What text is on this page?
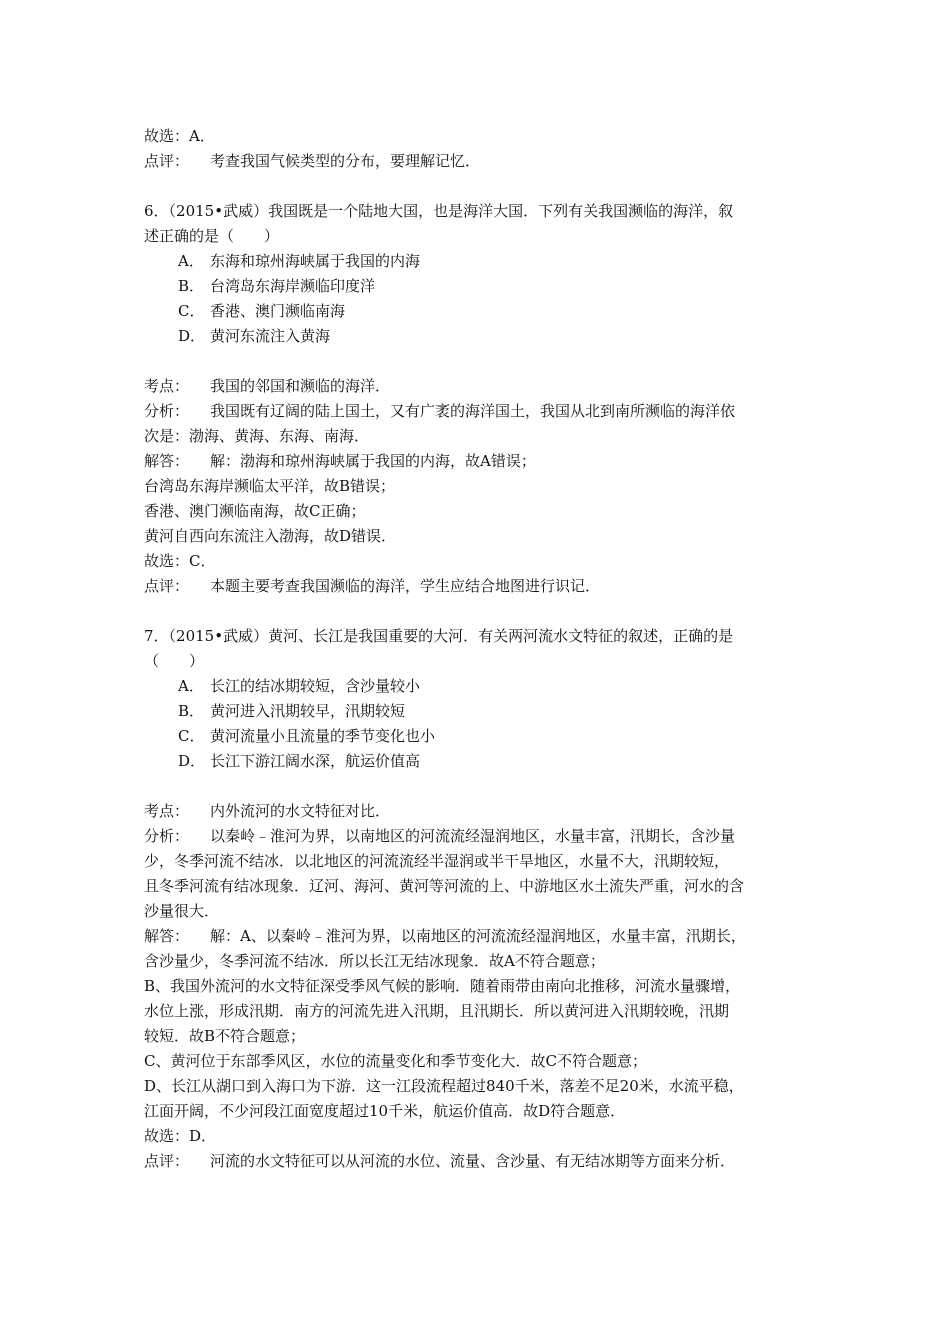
故选：A．
点评： 考查我国气候类型的分布，要理解记忆．
6．（2015•武威）我国既是一个陆地大国，也是海洋大国．下列有关我国濒临的海洋，叙
述正确的是（　　）
A． 东海和琼州海峡属于我国的内海
B． 台湾岛东海岸濒临印度洋
C． 香港、澳门濒临南海
D． 黄河东流注入黄海
考点： 我国的邻国和濒临的海洋．
分析： 我国既有辽阔的陆上国土，又有广袤的海洋国土，我国从北到南所濒临的海洋依
次是：渤海、黄海、东海、南海．
解答： 解：渤海和琼州海峡属于我国的内海，故A错误；
台湾岛东海岸濒临太平洋，故B错误；
香港、澳门濒临南海，故C正确；
黄河自西向东流注入渤海，故D错误．
故选：C．
点评： 本题主要考查我国濒临的海洋，学生应结合地图进行识记．
7．（2015•武威）黄河、长江是我国重要的大河．有关两河流水文特征的叙述，正确的是
（　　）
A． 长江的结冰期较短，含沙量较小
B． 黄河进入汛期较早，汛期较短
C． 黄河流量小且流量的季节变化也小
D． 长江下游江阔水深，航运价值高
考点： 内外流河的水文特征对比．
分析： 以秦岭﹣淮河为界，以南地区的河流流经湿润地区，水量丰富，汛期长，含沙量
少，冬季河流不结冰．以北地区的河流流经半湿润或半干旱地区，水量不大，汛期较短，
且冬季河流有结冰现象．辽河、海河、黄河等河流的上、中游地区水土流失严重，河水的含
沙量很大．
解答： 解：A、以秦岭﹣淮河为界，以南地区的河流流经湿润地区，水量丰富，汛期长，
含沙量少，冬季河流不结冰．所以长江无结冰现象．故A不符合题意；
B、我国外流河的水文特征深受季风气候的影响．随着雨带由南向北推移，河流水量骤增，
水位上涨，形成汛期．南方的河流先进入汛期，且汛期长．所以黄河进入汛期较晚，汛期
较短．故B不符合题意；
C、黄河位于东部季风区，水位的流量变化和季节变化大．故C不符合题意；
D、长江从湖口到入海口为下游．这一江段流程超过840千米，落差不足20米，水流平稳，
江面开阔，不少河段江面宽度超过10千米，航运价值高．故D符合题意．
故选：D．
点评： 河流的水文特征可以从河流的水位、流量、含沙量、有无结冰期等方面来分析．
